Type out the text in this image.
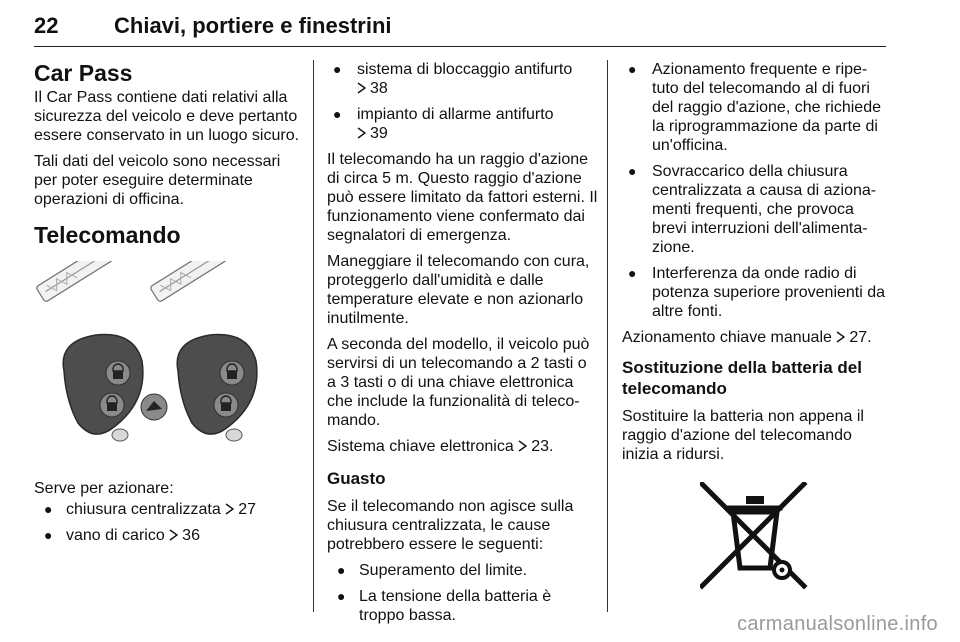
22	Chiavi, portiere e finestrini
Car Pass

Il Car Pass contiene dati relativi alla sicurezza del veicolo e deve pertanto essere conservato in un luogo sicuro.

Tali dati del veicolo sono necessari per poter eseguire determinate operazioni di officina.

Telecomando

Serve per azionare:

● chiusura centralizzata 27
● vano di carico 36
● sistema di bloccaggio antifurto
38
● impianto di allarme antifurto
39

Il telecomando ha un raggio d'azione di circa 5 m. Questo raggio d'azione può essere limitato da fattori esterni. Il funzionamento viene confermato dai segnalatori di emergenza.

Maneggiare il telecomando con cura, proteggerlo dall'umidità e dalle temperature elevate e non azionarlo inutilmente.

A seconda del modello, il veicolo può servirsi di un telecomando a 2 tasti o a 3 tasti o di una chiave elettronica che include la funzionalità di teleco-mando.

Sistema chiave elettronica 23.

Guasto

Se il telecomando non agisce sulla chiusura centralizzata, le cause potrebbero essere le seguenti:

● Superamento del limite.
● La tensione della batteria è troppo bassa.
● Azionamento frequente e ripe-tuto del telecomando al di fuori del raggio d'azione, che richiede la riprogrammazione da parte di un'officina.
● Sovraccarico della chiusura centralizzata a causa di aziona-menti frequenti, che provoca brevi interruzioni dell'alimenta-zione.
● Interferenza da onde radio di potenza superiore provenienti da altre fonti.

Azionamento chiave manuale 27.

Sostituzione della batteria del telecomando

Sostituire la batteria non appena il raggio d'azione del telecomando inizia a ridursi.

carmanualsonline.info
